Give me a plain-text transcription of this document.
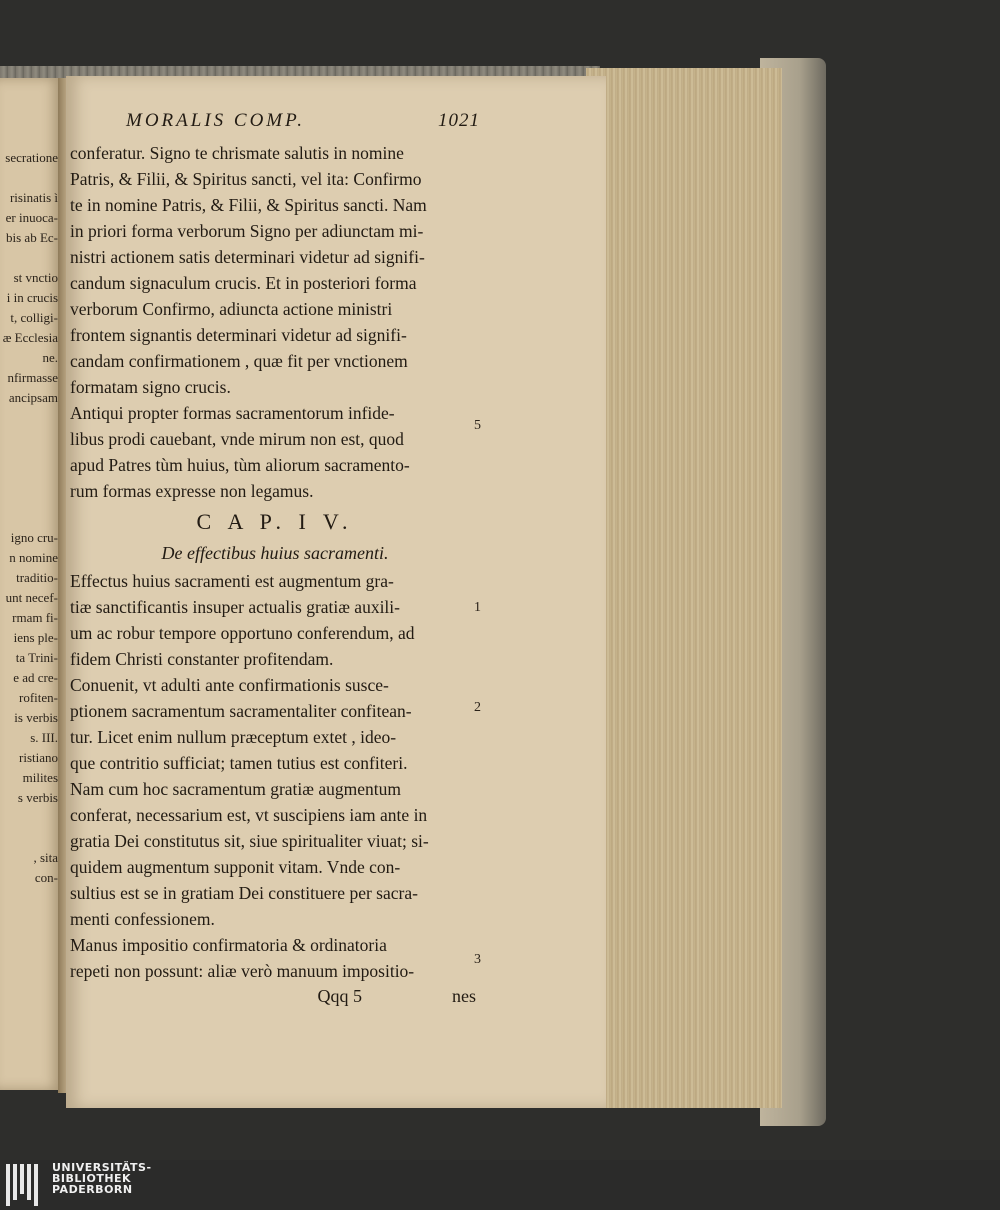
secratione
risinatis ì
er inuoca-
bis ab Ec-
st vnctio
i in crucis
t, colligi-
æ Ecclesia
ne.
nfirmasse
ancipsam
igno cru-
n nomine
traditio-
unt necef-
rmam fi-
iens ple-
ta Trini-
e ad cre-
rofiten-
is verbis
s. III.
ristiano
milites
s verbis
, sita
con-
MORALIS COMP.	1021
conferatur. Signo te chrismate salutis in nomine
Patris, & Filii, & Spiritus sancti, vel ita: Confirmo
te in nomine Patris, & Filii, & Spiritus sancti. Nam
in priori forma verborum Signo per adiunctam mi-
nistri actionem satis determinari videtur ad signifi-
candum signaculum crucis. Et in posteriori forma
verborum Confirmo, adiuncta actione ministri
frontem signantis determinari videtur ad signifi-
candam confirmationem , quæ fit per vnctionem
formatam signo crucis.
Antiqui propter formas sacramentorum infide-
libus prodi cauebant, vnde mirum non est, quod
apud Patres tùm huius, tùm aliorum sacramento-
rum formas expresse non legamus.
C A P. I V.
De effectibus huius sacramenti.
Effectus huius sacramenti est augmentum gra-
tiæ sanctificantis insuper actualis gratiæ auxili-
um ac robur tempore opportuno conferendum, ad
fidem Christi constanter profitendam.
Conuenit, vt adulti ante confirmationis susce-
ptionem sacramentum sacramentaliter confitean-
tur. Licet enim nullum præceptum extet , ideo-
que contritio sufficiat; tamen tutius est confiteri.
Nam cum hoc sacramentum gratiæ augmentum
conferat, necessarium est, vt suscipiens iam ante in
gratia Dei constitutus sit, siue spiritualiter viuat; si-
quidem augmentum supponit vitam. Vnde con-
sultius est se in gratiam Dei constituere per sacra-
menti confessionem.
Manus impositio confirmatoria & ordinatoria
repeti non possunt: aliæ verò manuum impositio-
Qqq 5	nes
5
1
2
3
UNIVERSITÄTS-
BIBLIOTHEK
PADERBORN
